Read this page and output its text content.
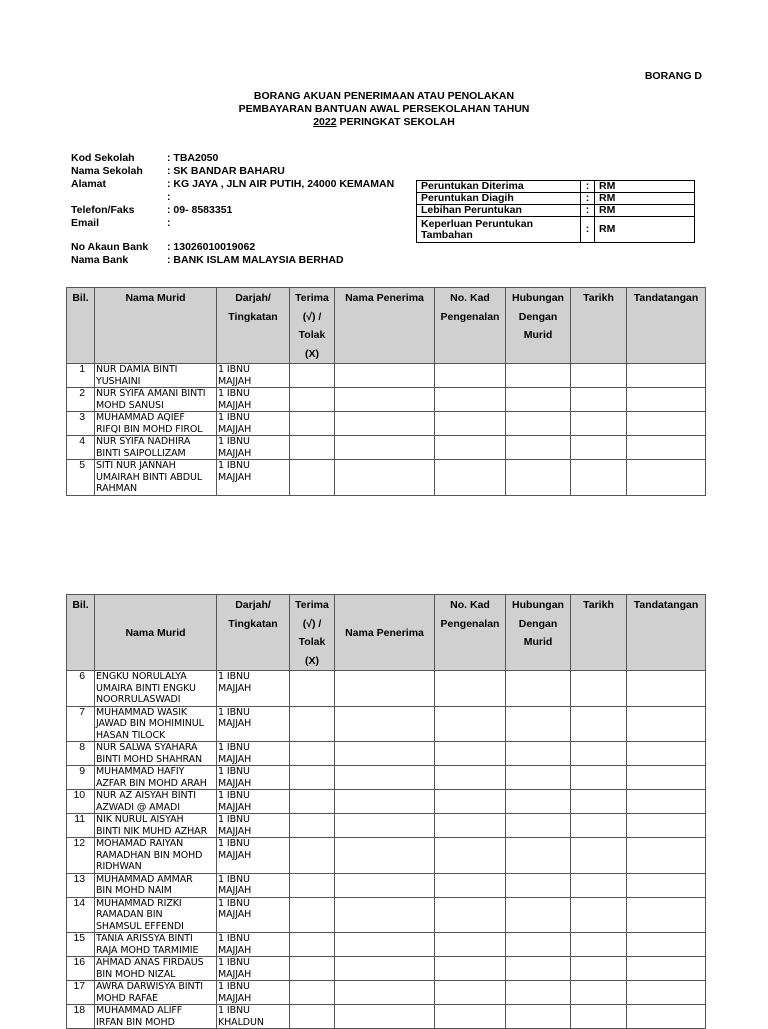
BORANG D
BORANG AKUAN PENERIMAAN ATAU PENOLAKAN
PEMBAYARAN BANTUAN AWAL PERSEKOLAHAN TAHUN
2022 PERINGKAT SEKOLAH
Kod Sekolah	: TBA2050
Nama Sekolah : SK BANDAR BAHARU
Alamat	: KG JAYA , JLN AIR PUTIH, 24000 KEMAMAN
:
Telefon/Faks	: 09- 8583351
Email	:
No Akaun Bank : 13026010019062
Nama Bank	: BANK ISLAM MALAYSIA BERHAD
Peruntukan Diterima	:	RM
Peruntukan Diagih	:	RM
Lebihan Peruntukan	:	RM
Keperluan Peruntukan Tambahan	:	RM
Bil.	Nama Murid	Darjah/ Tingkatan	Terima (√) / Tolak (X)	Nama Penerima	No. Kad Pengenalan	Hubungan Dengan Murid	Tarikh	Tandatangan
1	NUR DAMIA BINTI
YUSHAINI	1 IBNU
MAJJAH						
2	NUR SYIFA AMANI BINTI
MOHD SANUSI	1 IBNU
MAJJAH						
3	MUHAMMAD AQIEF
RIFQI BIN MOHD FIROL	1 IBNU
MAJJAH						
4	NUR SYIFA NADHIRA
BINTI SAIPOLLIZAM	1 IBNU
MAJJAH						
5	SITI NUR JANNAH
UMAIRAH BINTI ABDUL
RAHMAN	1 IBNU
MAJJAH						
Bil.	Nama Murid	Darjah/ Tingkatan	Terima (√) / Tolak (X)	Nama Penerima	No. Kad Pengenalan	Hubungan Dengan Murid	Tarikh	Tandatangan
6	ENGKU NORULALYA
UMAIRA BINTI ENGKU
NOORRULASWADI	1 IBNU
MAJJAH						
7	MUHAMMAD WASIK
JAWAD BIN MOHIMINUL
HASAN TILOCK	1 IBNU
MAJJAH						
8	NUR SALWA SYAHARA
BINTI MOHD SHAHRAN	1 IBNU
MAJJAH						
9	MUHAMMAD HAFIY
AZFAR BIN MOHD ARAH	1 IBNU
MAJJAH						
10	NUR AZ AISYAH BINTI
AZWADI @ AMADI	1 IBNU
MAJJAH						
11	NIK NURUL AISYAH
BINTI NIK MUHD AZHAR	1 IBNU
MAJJAH						
12	MOHAMAD RAIYAN
RAMADHAN BIN MOHD
RIDHWAN	1 IBNU
MAJJAH						
13	MUHAMMAD AMMAR
BIN MOHD NAIM	1 IBNU
MAJJAH						
14	MUHAMMAD RIZKI
RAMADAN BIN
SHAMSUL EFFENDI	1 IBNU
MAJJAH						
15	TANIA ARISSYA BINTI
RAJA MOHD TARMIMIE	1 IBNU
MAJJAH						
16	AHMAD ANAS FIRDAUS
BIN MOHD NIZAL	1 IBNU
MAJJAH						
17	AWRA DARWISYA BINTI
MOHD RAFAE	1 IBNU
MAJJAH						
18	MUHAMMAD ALIFF
IRFAN BIN MOHD	1 IBNU
KHALDUN						
